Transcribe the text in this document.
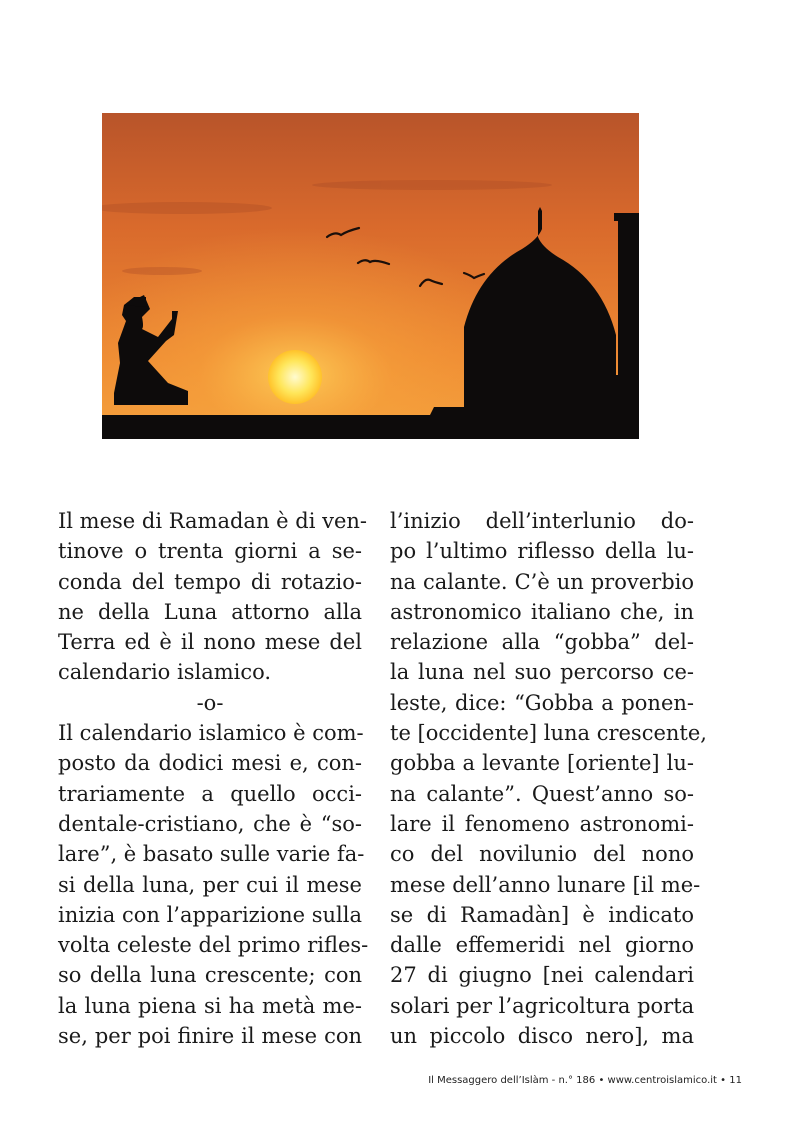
Il mese di Ramadan è di ven-
tinove o trenta giorni a se-
conda del tempo di rotazio-
ne della Luna attorno alla
Terra ed è il nono mese del
calendario islamico.
-o-
Il calendario islamico è com-
posto da dodici mesi e, con-
trariamente a quello occi-
dentale-cristiano, che è “so-
lare”, è basato sulle varie fa-
si della luna, per cui il mese
inizia con l’apparizione sulla
volta celeste del primo rifles-
so della luna crescente; con
la luna piena si ha metà me-
se, per poi finire il mese con
l’inizio dell’interlunio do-
po l’ultimo riflesso della lu-
na calante. C’è un proverbio
astronomico italiano che, in
relazione alla “gobba” del-
la luna nel suo percorso ce-
leste, dice: “Gobba a ponen-
te [occidente] luna crescente,
gobba a levante [oriente] lu-
na calante”. Quest’anno so-
lare il fenomeno astronomi-
co del novilunio del nono
mese dell’anno lunare [il me-
se di Ramadàn] è indicato
dalle effemeridi nel giorno
27 di giugno [nei calendari
solari per l’agricoltura porta
un piccolo disco nero], ma
Il Messaggero dell’Islàm - n.° 186 • www.centroislamico.it • 11
